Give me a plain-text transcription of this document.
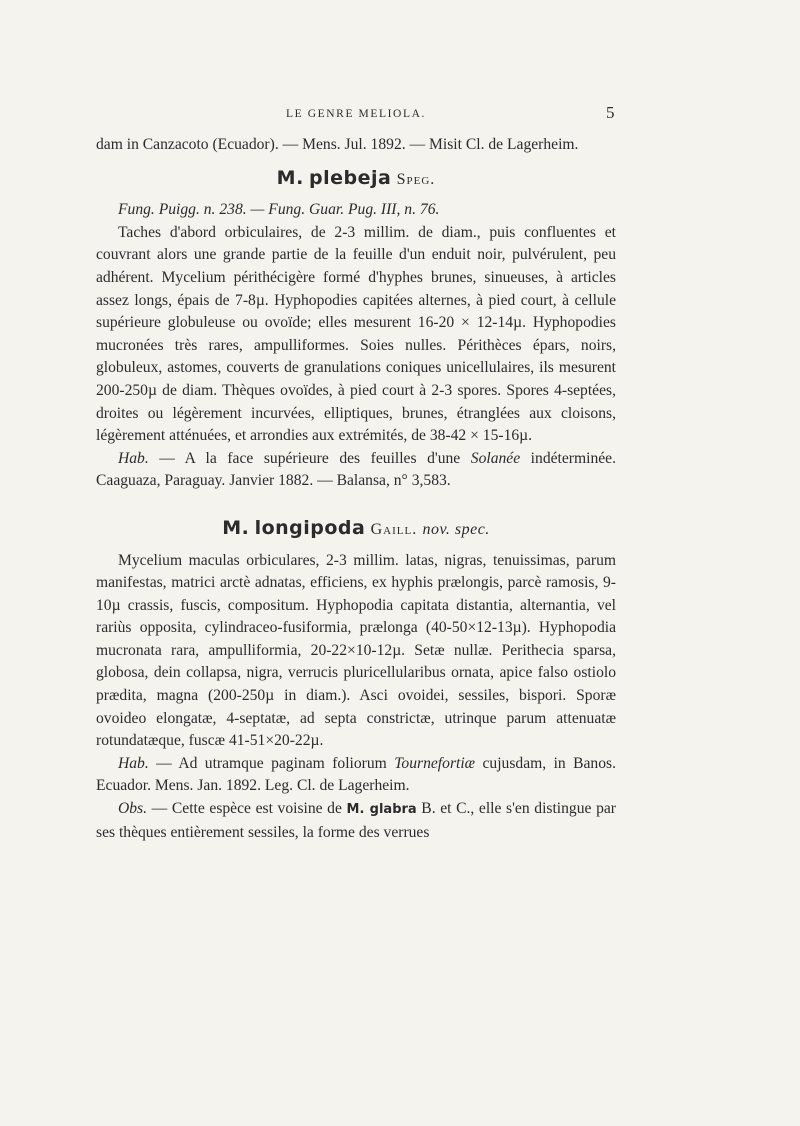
LE GENRE MELIOLA.	5

dam in Canzacoto (Ecuador). — Mens. Jul. 1892. — Misit Cl. de Lagerheim.

M. plebeja Speg.

Fung. Puigg. n. 238. — Fung. Guar. Pug. III, n. 76.

Taches d'abord orbiculaires, de 2-3 millim. de diam., puis confluentes et couvrant alors une grande partie de la feuille d'un enduit noir, pulvérulent, peu adhérent. Mycelium périthécigère formé d'hyphes brunes, sinueuses, à articles assez longs, épais de 7-8µ. Hyphopodies capitées alternes, à pied court, à cellule supérieure globuleuse ou ovoïde; elles mesurent 16-20 × 12-14µ. Hyphopodies mucronées très rares, ampulliformes. Soies nulles. Périthèces épars, noirs, globuleux, astomes, couverts de granulations coniques unicellulaires, ils mesurent 200-250µ de diam. Thèques ovoïdes, à pied court à 2-3 spores. Spores 4-septées, droites ou légèrement incurvées, elliptiques, brunes, étranglées aux cloisons, légèrement atténuées, et arrondies aux extrémités, de 38-42 × 15-16µ.

Hab. — A la face supérieure des feuilles d'une Solanée indéterminée. Caaguaza, Paraguay. Janvier 1882. — Balansa, n° 3,583.

M. longipoda Gaill. nov. spec.

Mycelium maculas orbiculares, 2-3 millim. latas, nigras, tenuissimas, parum manifestas, matrici arctè adnatas, efficiens, ex hyphis prælongis, parcè ramosis, 9-10µ crassis, fuscis, compositum. Hyphopodia capitata distantia, alternantia, vel rariùs opposita, cylindraceo-fusiformia, prælonga (40-50×12-13µ). Hyphopodia mucronata rara, ampulliformia, 20-22×10-12µ. Setæ nullæ. Perithecia sparsa, globosa, dein collapsa, nigra, verrucis pluricellularibus ornata, apice falso ostiolo prædita, magna (200-250µ in diam.). Asci ovoidei, sessiles, bispori. Sporæ ovoideo elongatæ, 4-septatæ, ad septa constrictæ, utrinque parum attenuatæ rotundatæque, fuscæ 41-51×20-22µ.

Hab. — Ad utramque paginam foliorum Tournefortiæ cujusdam, in Banos. Ecuador. Mens. Jan. 1892. Leg. Cl. de Lagerheim.

Obs. — Cette espèce est voisine de M. glabra B. et C., elle s'en distingue par ses thèques entièrement sessiles, la forme des verrues
